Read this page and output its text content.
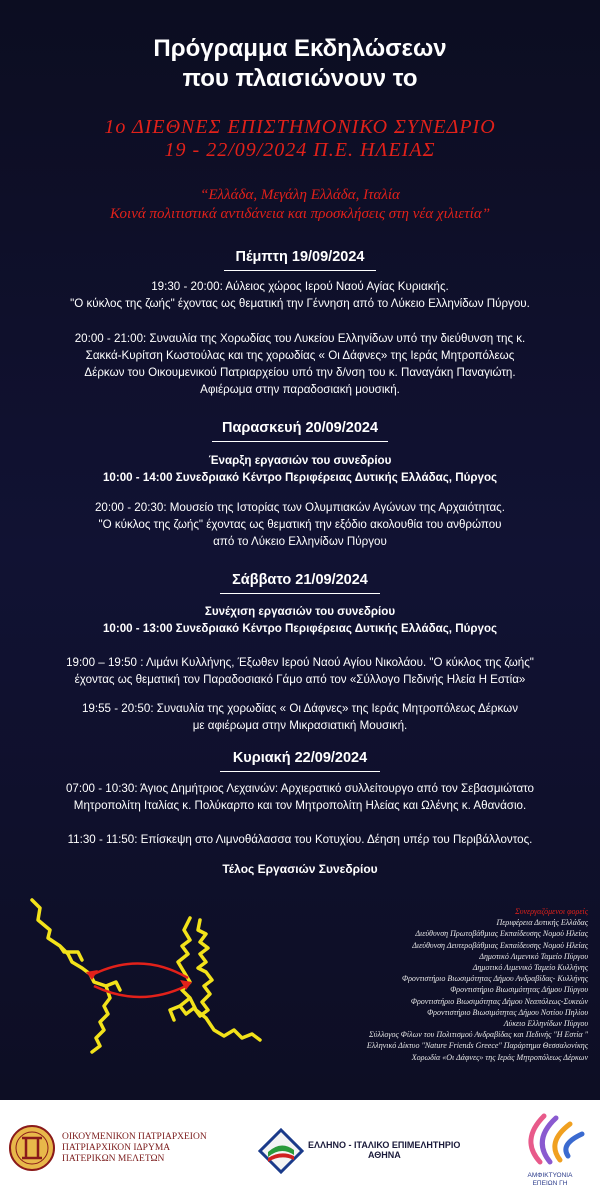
Πρόγραμμα Εκδηλώσεων
που πλαισιώνουν το
1ο ΔΙΕΘΝΕΣ ΕΠΙΣΤΗΜΟΝΙΚΟ ΣΥΝΕΔΡΙΟ
19 - 22/09/2024 Π.Ε. ΗΛΕΙΑΣ
“Ελλάδα, Μεγάλη Ελλάδα, Ιταλία
Κοινά πολιτιστικά αντιδάνεια και προσκλήσεις στη νέα χιλιετία”
Πέμπτη 19/09/2024
19:30 - 20:00: Αύλειος χώρος Ιερού Ναού Αγίας Κυριακής.
"Ο κύκλος της ζωής" έχοντας ως θεματική την Γέννηση από το Λύκειο Ελληνίδων Πύργου.
20:00 - 21:00: Συναυλία της Χορωδίας του Λυκείου Ελληνίδων υπό την διεύθυνση της κ.
Σακκά-Κυρίτση Κωστούλας και της χορωδίας « Οι Δάφνες» της Ιεράς Μητροπόλεως
Δέρκων του Οικουμενικού Πατριαρχείου υπό την δ/νση του κ. Παναγάκη Παναγιώτη.
Αφιέρωμα στην παραδοσιακή μουσική.
Παρασκευή 20/09/2024
Έναρξη εργασιών του συνεδρίου
10:00 - 14:00 Συνεδριακό Κέντρο Περιφέρειας Δυτικής Ελλάδας, Πύργος
20:00 - 20:30: Μουσείο της Ιστορίας των Ολυμπιακών Αγώνων της Αρχαιότητας.
"Ο κύκλος της ζωής" έχοντας ως θεματική την εξόδιο ακολουθία του ανθρώπου
από το Λύκειο Ελληνίδων Πύργου
Σάββατο 21/09/2024
Συνέχιση εργασιών του συνεδρίου
10:00 - 13:00 Συνεδριακό Κέντρο Περιφέρειας Δυτικής Ελλάδας, Πύργος
19:00 – 19:50 : Λιμάνι Κυλλήνης, Έξωθεν Ιερού Ναού Αγίου Νικολάου. "Ο κύκλος της ζωής"
έχοντας ως θεματική τον Παραδοσιακό Γάμο από τον «Σύλλογο Πεδινής Ηλεία Η Εστία»
19:55 - 20:50: Συναυλία της χορωδίας « Οι Δάφνες» της Ιεράς Μητροπόλεως Δέρκων
με αφιέρωμα στην Μικρασιατική Μουσική.
Κυριακή 22/09/2024
07:00 - 10:30: Άγιος Δημήτριος Λεχαινών: Αρχιερατικό συλλείτουργο από τον Σεβασμιώτατο
Μητροπολίτη Ιταλίας κ. Πολύκαρπο και τον Μητροπολίτη Ηλείας και Ωλένης κ. Αθανάσιο.
11:30 - 11:50: Επίσκεψη στο Λιμνοθάλασσα του Κοτυχίου. Δέηση υπέρ του Περιβάλλοντος.
Τέλος Εργασιών Συνεδρίου
Συνεργαζόμενοι φορείς
Περιφέρεια Δυτικής Ελλάδας
Διεύθυνση Πρωτοβάθμιας Εκπαίδευσης Νομού Ηλείας
Διεύθυνση Δευτεροβάθμιας Εκπαίδευσης Νομού Ηλείας
Δημοτικό Λιμενικό Ταμείο Πύργου
Δημοτικό Λιμενικό Ταμείο Κυλλήνης
Φροντιστήριο Βιωσιμότητας Δήμου Ανδραβίδας- Κυλλήνης
Φροντιστήριο Βιωσιμότητας Δήμου Πύργου
Φροντιστήριο Βιωσιμότητας Δήμου Νεαπόλεως-Συκεών
Φροντιστήριο Βιωσιμότητας Δήμου Νοτίου Πηλίου
Λύκειο Ελληνίδων Πύργου
Σύλλογος Φίλων του Πολιτισμού Ανδραβίδας και Πεδινής "Η Εστία "
Ελληνικό Δίκτυο "Nature Friends Greece" Παράρτημα Θεσσαλονίκης
Χορωδία «Οι Δάφνες» της Ιεράς Μητροπόλεως Δέρκων
ΟΙΚΟΥΜΕΝΙΚΟΝ ΠΑΤΡΙΑΡΧΕΙΟΝ
ΠΑΤΡΙΑΡΧΙΚΟΝ ΙΔΡΥΜΑ
ΠΑΤΕΡΙΚΩΝ ΜΕΛΕΤΩΝ
ΕΛΛΗΝΟ - ΙΤΑΛΙΚΟ ΕΠΙΜΕΛΗΤΗΡΙΟ
ΑΘΗΝΑ
ΑΜΦΙΚΤΥΟΝΙΑ
ΕΠΕΙΩΝ ΓΗ
